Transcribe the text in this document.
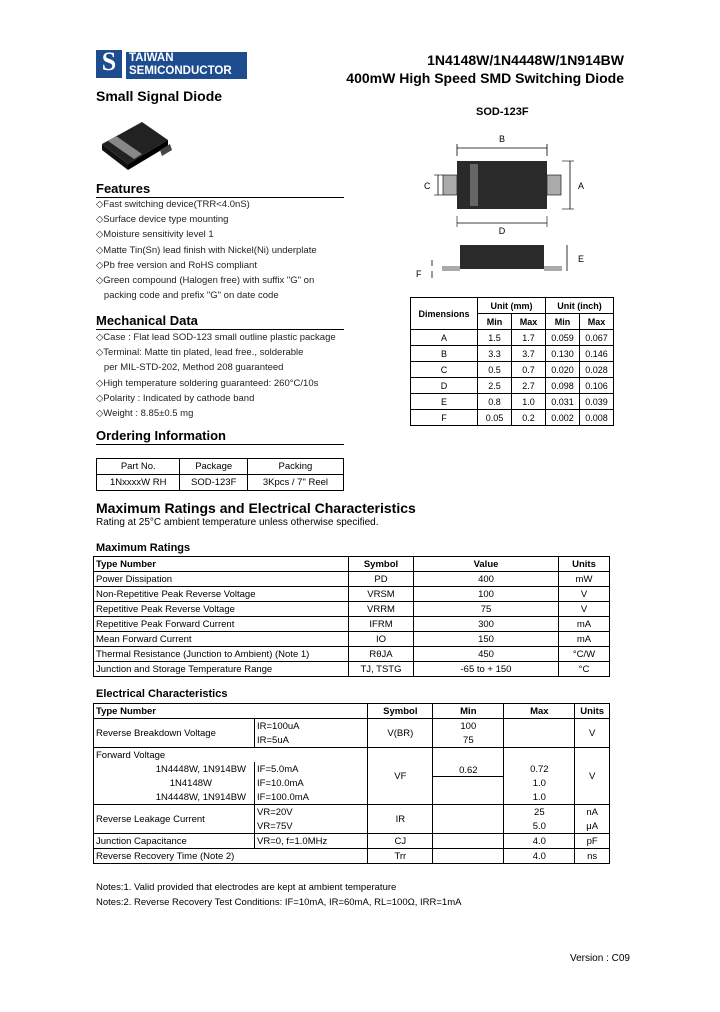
S	TAIWAN
SEMICONDUCTOR
1N4148W/1N4448W/1N914BW
400mW High Speed SMD Switching Diode
Small Signal Diode
SOD-123F
B
C	A
D
E
F
Dimensions	Unit (mm)		Unit (inch)	
	Min	Max	Min	Max
A	1.5	1.7	0.059	0.067
B	3.3	3.7	0.130	0.146
C	0.5	0.7	0.020	0.028
D	2.5	2.7	0.098	0.106
E	0.8	1.0	0.031	0.039
F	0.05	0.2	0.002	0.008
Features
◇Fast switching device(TRR<4.0nS)
◇Surface device type mounting
◇Moisture sensitivity level 1
◇Matte Tin(Sn) lead finish with Nickel(Ni) underplate
◇Pb free version and RoHS compliant
◇Green compound (Halogen free) with suffix "G" on
packing code and prefix "G" on date code
Mechanical Data
◇Case : Flat lead SOD-123 small outline plastic package
◇Terminal: Matte tin plated, lead free., solderable
per MIL-STD-202, Method 208 guaranteed
◇High temperature soldering guaranteed: 260°C/10s
◇Polarity : Indicated by cathode band
◇Weight : 8.85±0.5 mg
Ordering Information
Part No.	Package	Packing
1NxxxxW RH	SOD-123F	3Kpcs / 7" Reel
Maximum Ratings and Electrical Characteristics
Rating at 25°C ambient temperature unless otherwise specified.
Maximum Ratings
Type Number	Symbol	Value	Units
Power Dissipation	PD	400	mW
Non-Repetitive Peak Reverse Voltage	VRSM	100	V
Repetitive Peak Reverse Voltage	VRRM	75	V
Repetitive Peak Forward Current	IFRM	300	mA
Mean Forward Current	IO	150	mA
Thermal Resistance (Junction to Ambient) (Note 1)	RθJA	450	°C/W
Junction and Storage Temperature Range	TJ, TSTG	-65 to + 150	°C
Electrical Characteristics
Type Number		Symbol	Min	Max	Units
Reverse Breakdown Voltage	IR=100uA	V(BR)	100		V
	IR=5uA		75		
Forward Voltage		VF	0.62		V
1N4448W, 1N914BW	IF=5.0mA			0.72	
1N4148W	IF=10.0mA			1.0	
1N4448W, 1N914BW	IF=100.0mA			1.0	
Reverse Leakage Current	VR=20V	IR		25	nA
	VR=75V			5.0	μA
Junction Capacitance	VR=0, f=1.0MHz	CJ		4.0	pF
Reverse Recovery Time (Note 2)		Trr		4.0	ns
Notes:1. Valid provided that electrodes are kept at ambient temperature
Notes:2. Reverse Recovery Test Conditions: IF=10mA, IR=60mA, RL=100Ω, IRR=1mA
Version : C09
